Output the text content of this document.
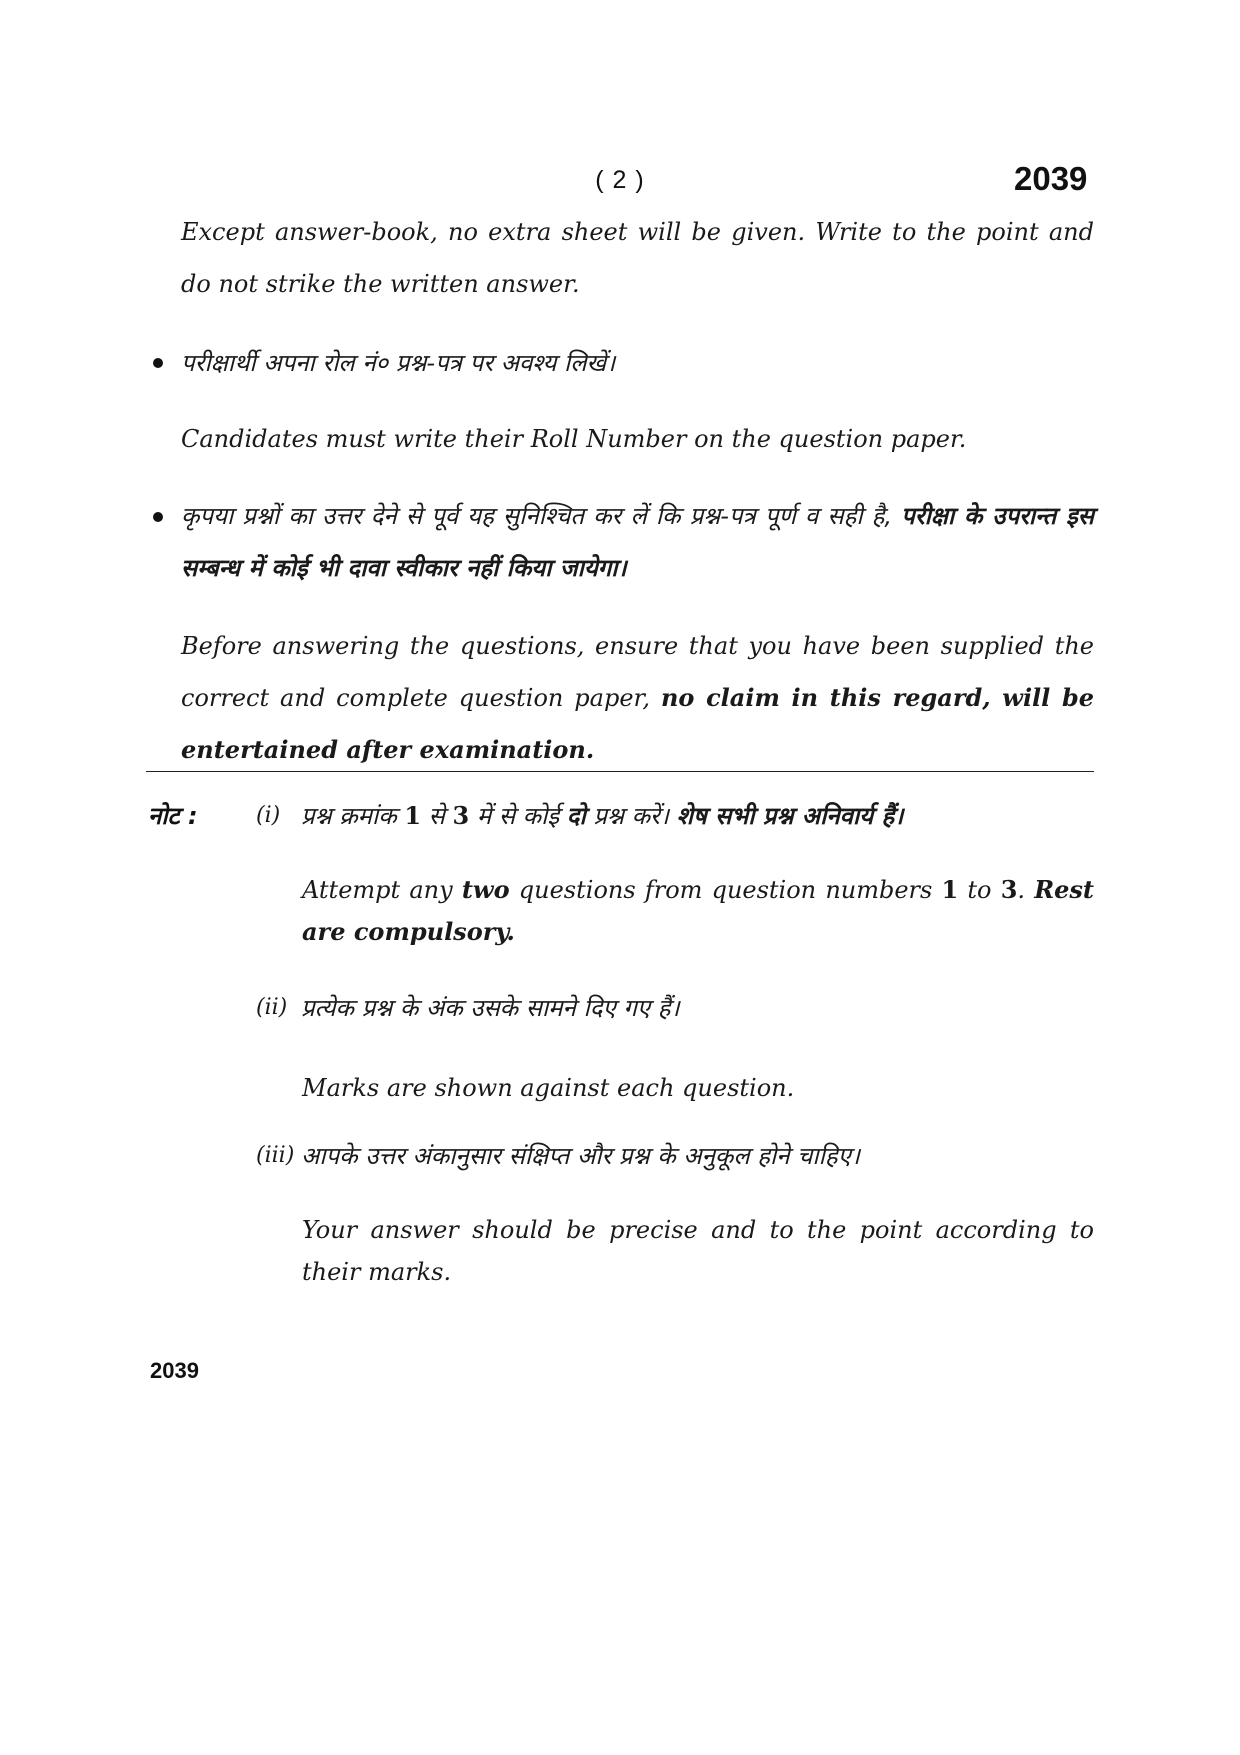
( 2 )	2039
Except answer-book, no extra sheet will be given. Write to the point and do not strike the written answer.
परीक्षार्थी अपना रोल नं० प्रश्न-पत्र पर अवश्य लिखें।
Candidates must write their Roll Number on the question paper.
कृपया प्रश्नों का उत्तर देने से पूर्व यह सुनिश्चित कर लें कि प्रश्न-पत्र पूर्ण व सही है, परीक्षा के उपरान्त इस सम्बन्ध में कोई भी दावा स्वीकार नहीं किया जायेगा।
Before answering the questions, ensure that you have been supplied the correct and complete question paper, no claim in this regard, will be entertained after examination.
नोट :	(i) प्रश्न क्रमांक 1 से 3 में से कोई दो प्रश्न करें। शेष सभी प्रश्न अनिवार्य हैं।
Attempt any two questions from question numbers 1 to 3. Rest are compulsory.
(ii) प्रत्येक प्रश्न के अंक उसके सामने दिए गए हैं।
Marks are shown against each question.
(iii) आपके उत्तर अंकानुसार संक्षिप्त और प्रश्न के अनुकूल होने चाहिए।
Your answer should be precise and to the point according to their marks.
2039
